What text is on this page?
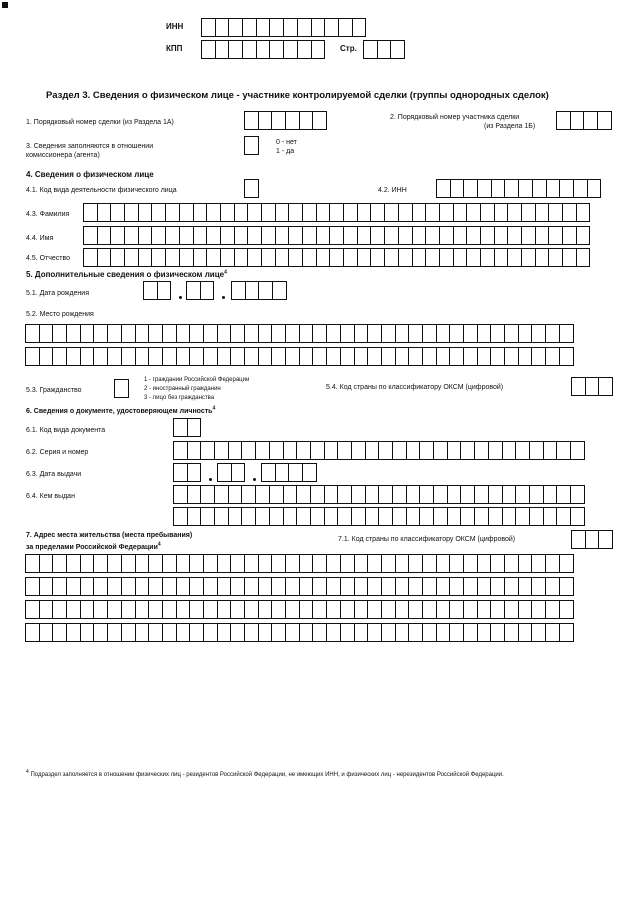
ИНН
КПП	Стр.
Раздел 3. Сведения о физическом лице - участнике контролируемой сделки (группы однородных сделок)
1. Порядковый номер сделки (из Раздела 1А)
2. Порядковый номер участника сделки
(из Раздела 1Б)
3. Сведения заполняются в отношении
комиссионера (агента)
0 - нет
1 - да
4. Сведения о физическом лице
4.1. Код вида деятельности физического лица	4.2. ИНН
4.3. Фамилия
4.4. Имя
4.5. Отчество
5. Дополнительные сведения о физическом лице$^4$
5.1. Дата рождения
5.2. Место рождения
5.3. Гражданство
1 - граждании Российской Федерации
2 - иностранный гражданин
3 - лицо без гражданства
5.4. Код страны по классификатору ОКСМ (цифровой)
6. Сведения о документе, удостоверяющем личность$^4$
6.1. Код вида документа
6.2. Серия и номер
6.3. Дата выдачи
6.4. Кем выдан
7. Адрес места жительства (места пребывания)
за пределами Российской Федерации$^4$
7.1. Код страны по классификатору ОКСМ (цифровой)
$^4$ Подраздел заполняется в отношении физических лиц - резидентов Российской Федерации, не имеющих ИНН, и физических лиц - нерезидентов Российской Федерации.
